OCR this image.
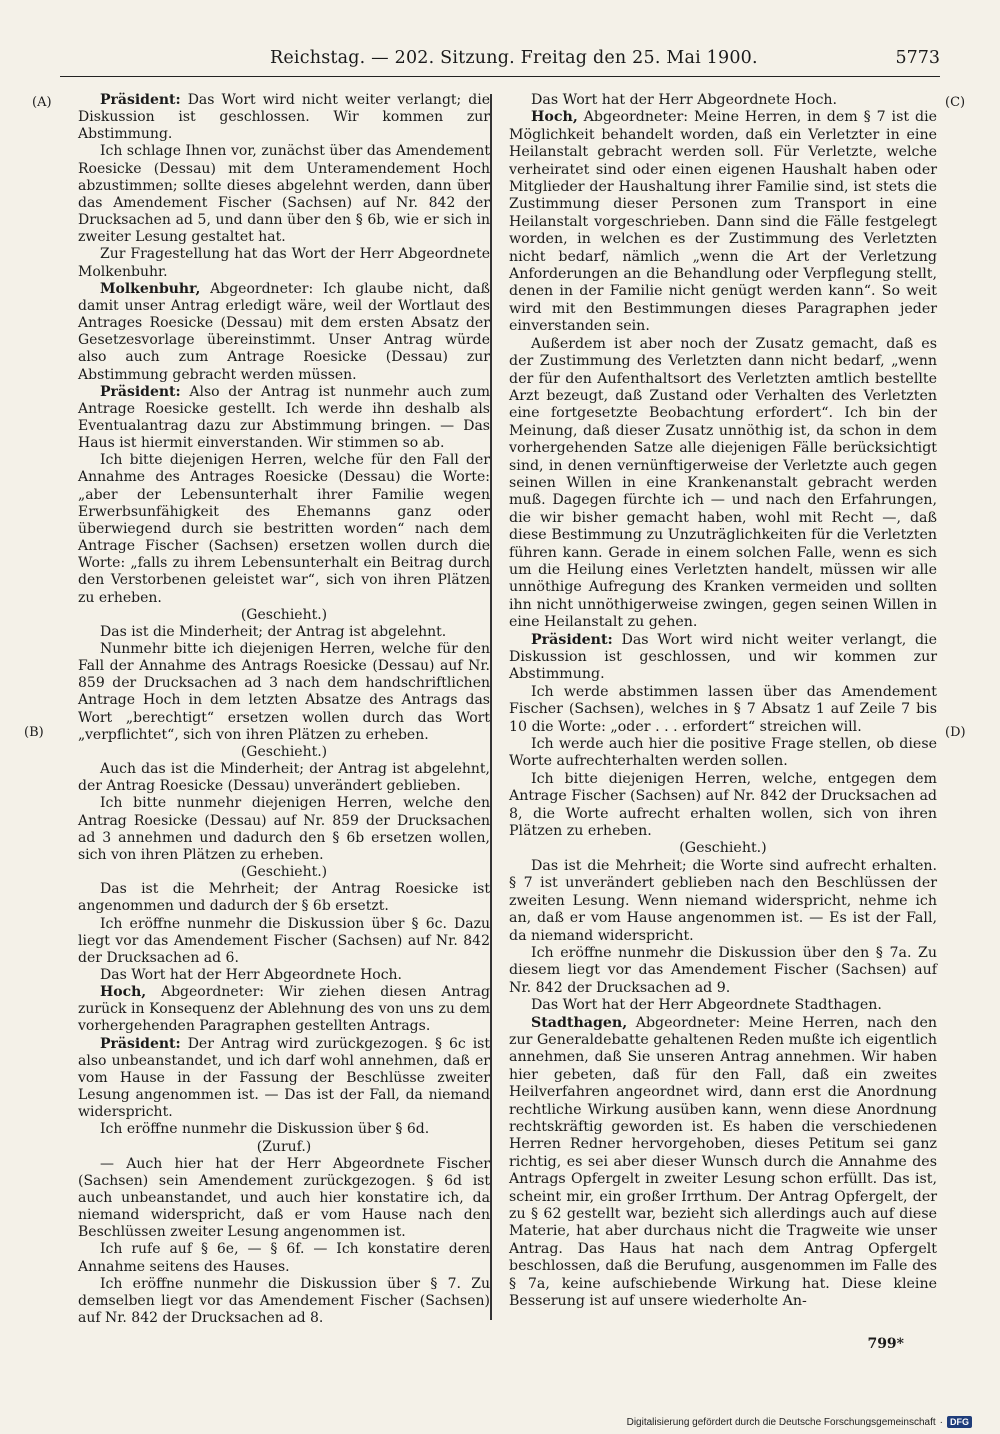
Reichstag. — 202. Sitzung. Freitag den 25. Mai 1900.	5773
(A)
(B)
(C)
(D)

Präsident: Das Wort wird nicht weiter verlangt; die Diskussion ist geschlossen. Wir kommen zur Abstimmung.

Ich schlage Ihnen vor, zunächst über das Amendement Roesicke (Dessau) mit dem Unteramendement Hoch abzustimmen; sollte dieses abgelehnt werden, dann über das Amendement Fischer (Sachsen) auf Nr. 842 der Drucksachen ad 5, und dann über den § 6b, wie er sich in zweiter Lesung gestaltet hat.

Zur Fragestellung hat das Wort der Herr Abgeordnete Molkenbuhr.

Molkenbuhr, Abgeordneter: Ich glaube nicht, daß damit unser Antrag erledigt wäre, weil der Wortlaut des Antrages Roesicke (Dessau) mit dem ersten Absatz der Gesetzesvorlage übereinstimmt. Unser Antrag würde also auch zum Antrage Roesicke (Dessau) zur Abstimmung gebracht werden müssen.

Präsident: Also der Antrag ist nunmehr auch zum Antrage Roesicke gestellt. Ich werde ihn deshalb als Eventualantrag dazu zur Abstimmung bringen. — Das Haus ist hiermit einverstanden. Wir stimmen so ab.

Ich bitte diejenigen Herren, welche für den Fall der Annahme des Antrages Roesicke (Dessau) die Worte: „aber der Lebensunterhalt ihrer Familie wegen Erwerbsunfähigkeit des Ehemanns ganz oder überwiegend durch sie bestritten worden“ nach dem Antrage Fischer (Sachsen) ersetzen wollen durch die Worte: „falls zu ihrem Lebensunterhalt ein Beitrag durch den Verstorbenen geleistet war“, sich von ihren Plätzen zu erheben.

(Geschieht.)

Das ist die Minderheit; der Antrag ist abgelehnt.

Nunmehr bitte ich diejenigen Herren, welche für den Fall der Annahme des Antrags Roesicke (Dessau) auf Nr. 859 der Drucksachen ad 3 nach dem handschriftlichen Antrage Hoch in dem letzten Absatze des Antrags das Wort „berechtigt“ ersetzen wollen durch das Wort „verpflichtet“, sich von ihren Plätzen zu erheben.

(Geschieht.)

Auch das ist die Minderheit; der Antrag ist abgelehnt, der Antrag Roesicke (Dessau) unverändert geblieben.

Ich bitte nunmehr diejenigen Herren, welche den Antrag Roesicke (Dessau) auf Nr. 859 der Drucksachen ad 3 annehmen und dadurch den § 6b ersetzen wollen, sich von ihren Plätzen zu erheben.

(Geschieht.)

Das ist die Mehrheit; der Antrag Roesicke ist angenommen und dadurch der § 6b ersetzt.

Ich eröffne nunmehr die Diskussion über § 6c. Dazu liegt vor das Amendement Fischer (Sachsen) auf Nr. 842 der Drucksachen ad 6.

Das Wort hat der Herr Abgeordnete Hoch.

Hoch, Abgeordneter: Wir ziehen diesen Antrag zurück in Konsequenz der Ablehnung des von uns zu dem vorhergehenden Paragraphen gestellten Antrags.

Präsident: Der Antrag wird zurückgezogen. § 6c ist also unbeanstandet, und ich darf wohl annehmen, daß er vom Hause in der Fassung der Beschlüsse zweiter Lesung angenommen ist. — Das ist der Fall, da niemand widerspricht.

Ich eröffne nunmehr die Diskussion über § 6d.

(Zuruf.)

— Auch hier hat der Herr Abgeordnete Fischer (Sachsen) sein Amendement zurückgezogen. § 6d ist auch unbeanstandet, und auch hier konstatire ich, da niemand widerspricht, daß er vom Hause nach den Beschlüssen zweiter Lesung angenommen ist.

Ich rufe auf § 6e, — § 6f. — Ich konstatire deren Annahme seitens des Hauses.

Ich eröffne nunmehr die Diskussion über § 7. Zu demselben liegt vor das Amendement Fischer (Sachsen) auf Nr. 842 der Drucksachen ad 8.

Das Wort hat der Herr Abgeordnete Hoch.

Hoch, Abgeordneter: Meine Herren, in dem § 7 ist die Möglichkeit behandelt worden, daß ein Verletzter in eine Heilanstalt gebracht werden soll. Für Verletzte, welche verheiratet sind oder einen eigenen Haushalt haben oder Mitglieder der Haushaltung ihrer Familie sind, ist stets die Zustimmung dieser Personen zum Transport in eine Heilanstalt vorgeschrieben. Dann sind die Fälle festgelegt worden, in welchen es der Zustimmung des Verletzten nicht bedarf, nämlich „wenn die Art der Verletzung Anforderungen an die Behandlung oder Verpflegung stellt, denen in der Familie nicht genügt werden kann“. So weit wird mit den Bestimmungen dieses Paragraphen jeder einverstanden sein.

Außerdem ist aber noch der Zusatz gemacht, daß es der Zustimmung des Verletzten dann nicht bedarf, „wenn der für den Aufenthaltsort des Verletzten amtlich bestellte Arzt bezeugt, daß Zustand oder Verhalten des Verletzten eine fortgesetzte Beobachtung erfordert“. Ich bin der Meinung, daß dieser Zusatz unnöthig ist, da schon in dem vorhergehenden Satze alle diejenigen Fälle berücksichtigt sind, in denen vernünftigerweise der Verletzte auch gegen seinen Willen in eine Krankenanstalt gebracht werden muß. Dagegen fürchte ich — und nach den Erfahrungen, die wir bisher gemacht haben, wohl mit Recht —, daß diese Bestimmung zu Unzuträglichkeiten für die Verletzten führen kann. Gerade in einem solchen Falle, wenn es sich um die Heilung eines Verletzten handelt, müssen wir alle unnöthige Aufregung des Kranken vermeiden und sollten ihn nicht unnöthigerweise zwingen, gegen seinen Willen in eine Heilanstalt zu gehen.

Präsident: Das Wort wird nicht weiter verlangt, die Diskussion ist geschlossen, und wir kommen zur Abstimmung.

Ich werde abstimmen lassen über das Amendement Fischer (Sachsen), welches in § 7 Absatz 1 auf Zeile 7 bis 10 die Worte: „oder . . . erfordert“ streichen will.

Ich werde auch hier die positive Frage stellen, ob diese Worte aufrechterhalten werden sollen.

Ich bitte diejenigen Herren, welche, entgegen dem Antrage Fischer (Sachsen) auf Nr. 842 der Drucksachen ad 8, die Worte aufrecht erhalten wollen, sich von ihren Plätzen zu erheben.

(Geschieht.)

Das ist die Mehrheit; die Worte sind aufrecht erhalten. § 7 ist unverändert geblieben nach den Beschlüssen der zweiten Lesung. Wenn niemand widerspricht, nehme ich an, daß er vom Hause angenommen ist. — Es ist der Fall, da niemand widerspricht.

Ich eröffne nunmehr die Diskussion über den § 7a. Zu diesem liegt vor das Amendement Fischer (Sachsen) auf Nr. 842 der Drucksachen ad 9.

Das Wort hat der Herr Abgeordnete Stadthagen.

Stadthagen, Abgeordneter: Meine Herren, nach den zur Generaldebatte gehaltenen Reden mußte ich eigentlich annehmen, daß Sie unseren Antrag annehmen. Wir haben hier gebeten, daß für den Fall, daß ein zweites Heilverfahren angeordnet wird, dann erst die Anordnung rechtliche Wirkung ausüben kann, wenn diese Anordnung rechtskräftig geworden ist. Es haben die verschiedenen Herren Redner hervorgehoben, dieses Petitum sei ganz richtig, es sei aber dieser Wunsch durch die Annahme des Antrags Opfergelt in zweiter Lesung schon erfüllt. Das ist, scheint mir, ein großer Irrthum. Der Antrag Opfergelt, der zu § 62 gestellt war, bezieht sich allerdings auch auf diese Materie, hat aber durchaus nicht die Tragweite wie unser Antrag. Das Haus hat nach dem Antrag Opfergelt beschlossen, daß die Berufung, ausgenommen im Falle des § 7a, keine aufschiebende Wirkung hat. Diese kleine Besserung ist auf unsere wiederholte An-

799*
Digitalisierung gefördert durch die Deutsche Forschungsgemeinschaft · DFG
